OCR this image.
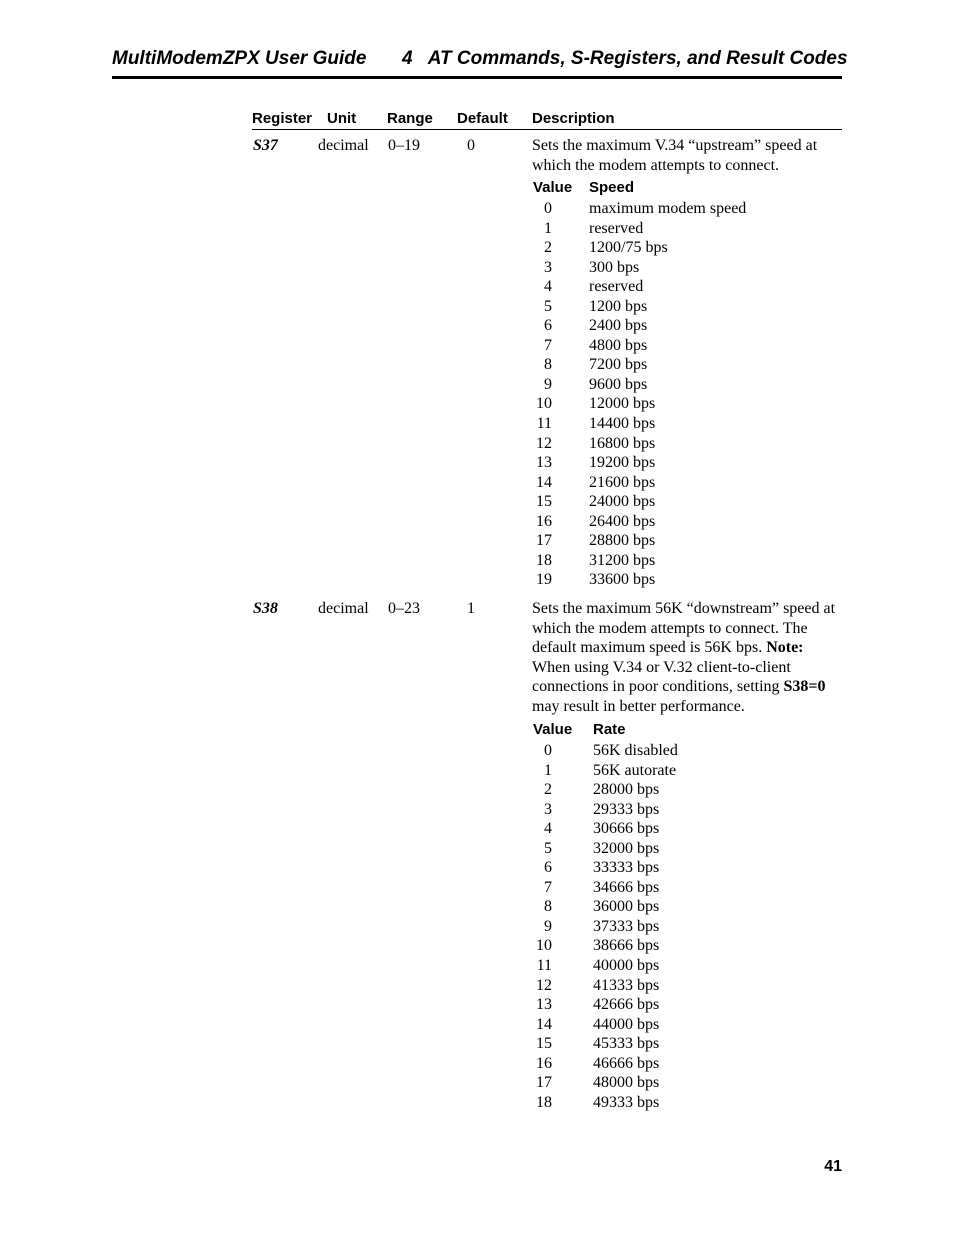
MultiModemZPX User Guide 4   AT Commands, S-Registers, and Result Codes
Register Unit Range Default Description
S37	decimal 0–19	0	Sets the maximum V.34 “upstream” speed at which the modem attempts to connect.
Value Speed
0 maximum modem speed
1 reserved
2 1200/75 bps
3 300 bps
4 reserved
5 1200 bps
6 2400 bps
7 4800 bps
8 7200 bps
9 9600 bps
10 12000 bps
11 14400 bps
12 16800 bps
13 19200 bps
14 21600 bps
15 24000 bps
16 26400 bps
17 28800 bps
18 31200 bps
19 33600 bps
S38	decimal 0–23	1	Sets the maximum 56K “downstream” speed at which the modem attempts to connect. The default maximum speed is 56K bps. Note: When using V.34 or V.32 client-to-client connections in poor conditions, setting S38=0 may result in better performance.
Value Rate
0	56K disabled
1	56K autorate
2	28000 bps
3	29333 bps
4	30666 bps
5	32000 bps
6	33333 bps
7	34666 bps
8	36000 bps
9	37333 bps
10	38666 bps
11	40000 bps
12	41333 bps
13	42666 bps
14	44000 bps
15	45333 bps
16	46666 bps
17	48000 bps
18	49333 bps
41
